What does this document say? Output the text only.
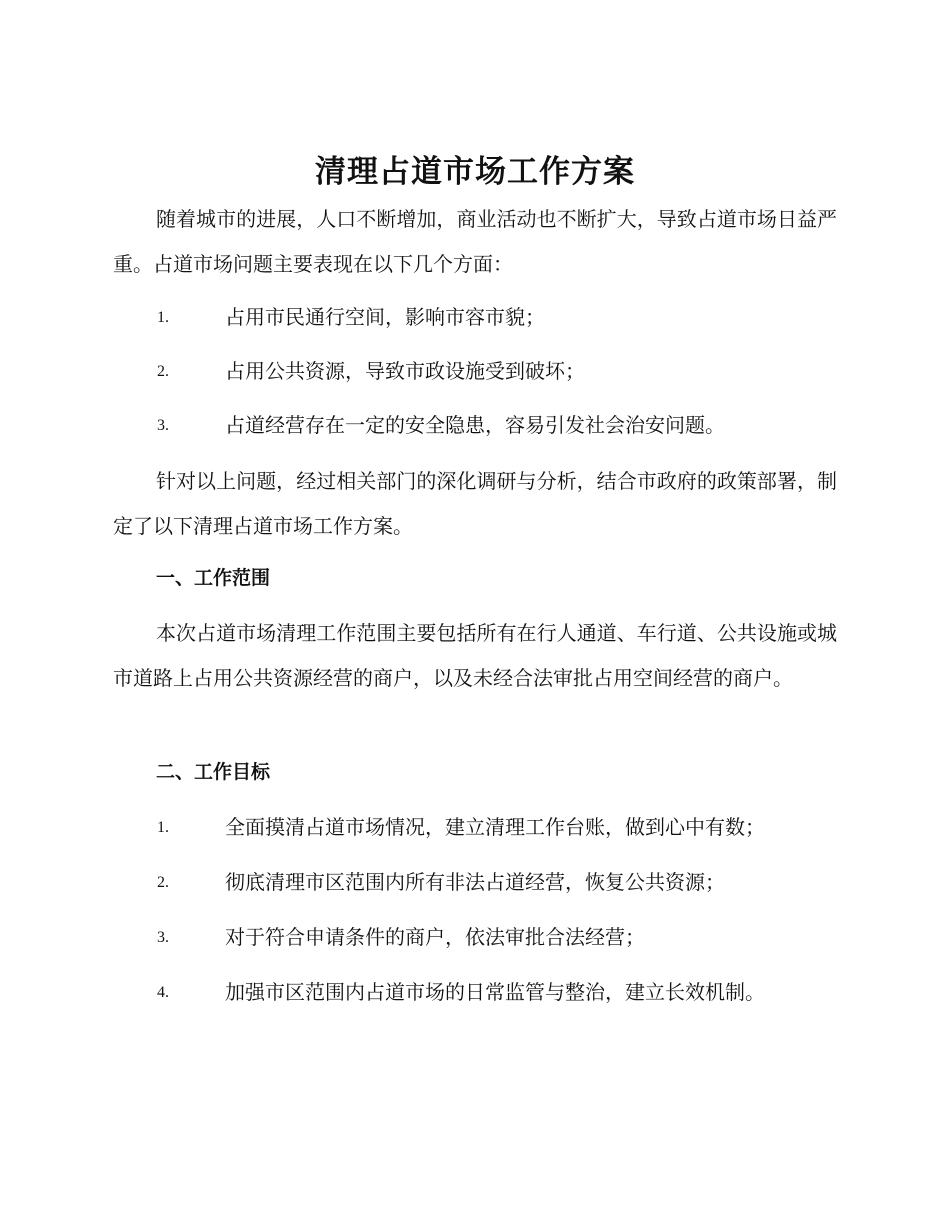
清理占道市场工作方案

随着城市的进展，人口不断增加，商业活动也不断扩大，导致占道市场日益严重。占道市场问题主要表现在以下几个方面：

1.	占用市民通行空间，影响市容市貌；
2.	占用公共资源，导致市政设施受到破坏；
3.	占道经营存在一定的安全隐患，容易引发社会治安问题。

针对以上问题，经过相关部门的深化调研与分析，结合市政府的政策部署，制定了以下清理占道市场工作方案。

一、工作范围

本次占道市场清理工作范围主要包括所有在行人通道、车行道、公共设施或城市道路上占用公共资源经营的商户，以及未经合法审批占用空间经营的商户。

二、工作目标
1.	全面摸清占道市场情况，建立清理工作台账，做到心中有数；
2.	彻底清理市区范围内所有非法占道经营，恢复公共资源；
3.	对于符合申请条件的商户，依法审批合法经营；
4.	加强市区范围内占道市场的日常监管与整治，建立长效机制。
